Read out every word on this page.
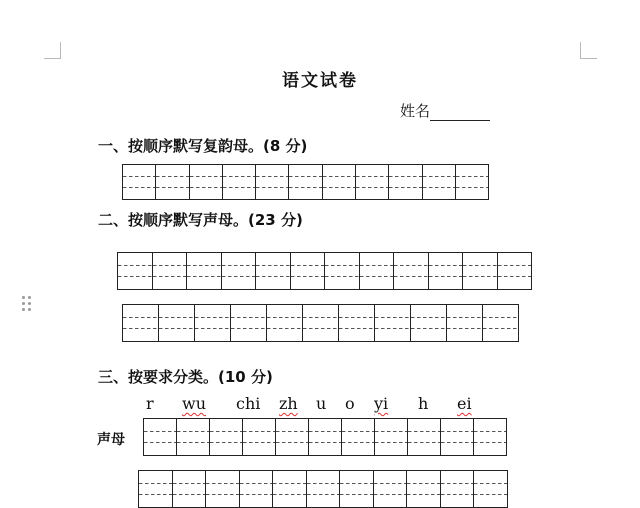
语文试卷
姓名
一、按顺序默写复韵母。(8 分)
二、按顺序默写声母。(23 分)
三、按要求分类。(10 分)
r wu chi zh u o yi h ei
声母
